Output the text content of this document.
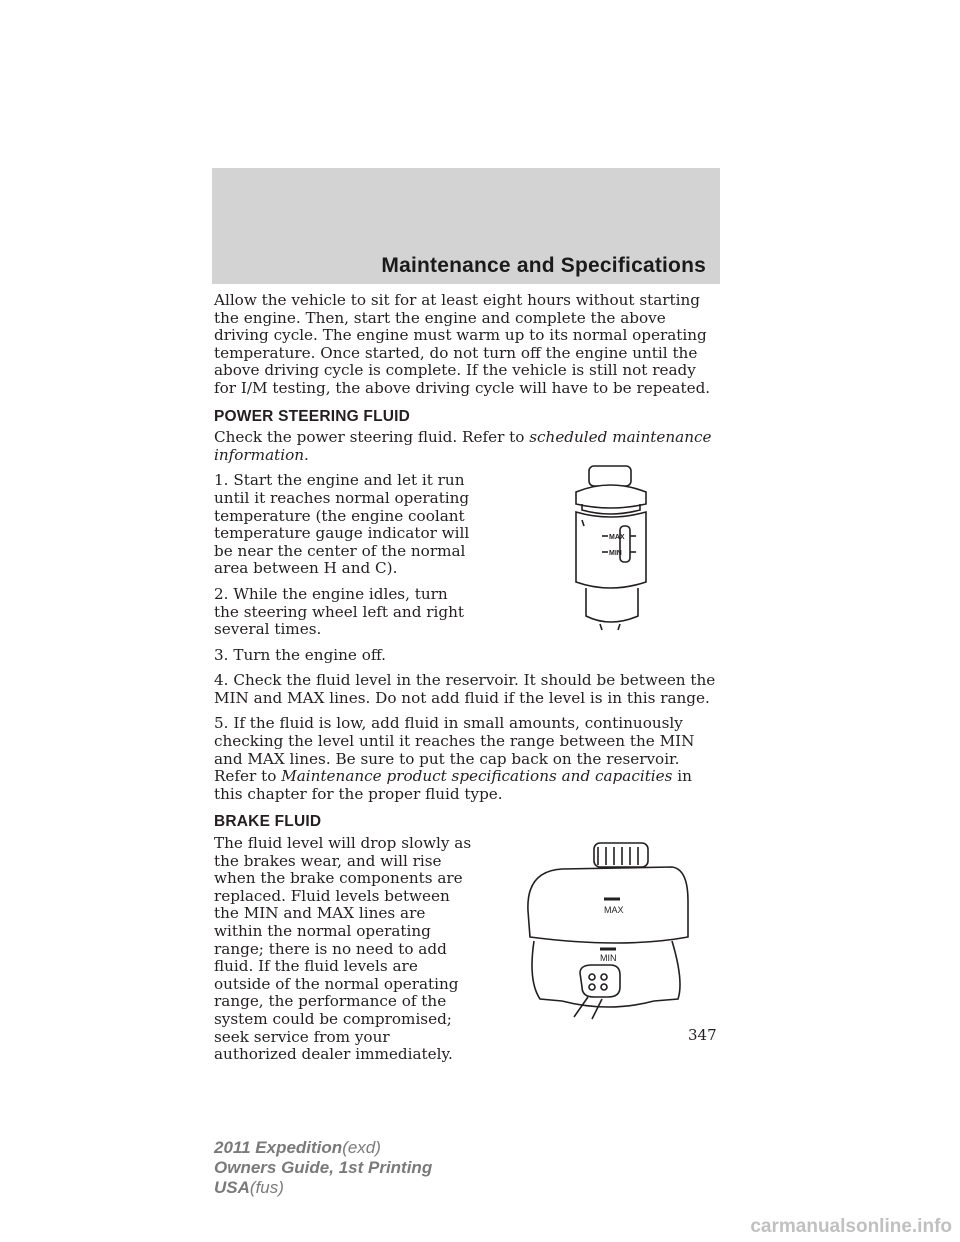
Maintenance and Specifications

Allow the vehicle to sit for at least eight hours without starting the engine. Then, start the engine and complete the above driving cycle. The engine must warm up to its normal operating temperature. Once started, do not turn off the engine until the above driving cycle is complete. If the vehicle is still not ready for I/M testing, the above driving cycle will have to be repeated.

POWER STEERING FLUID

Check the power steering fluid. Refer to scheduled maintenance information.

1. Start the engine and let it run until it reaches normal operating temperature (the engine coolant temperature gauge indicator will be near the center of the normal area between H and C).

2. While the engine idles, turn the steering wheel left and right several times.

3. Turn the engine off.

MAX
MIN

4. Check the fluid level in the reservoir. It should be between the MIN and MAX lines. Do not add fluid if the level is in this range.

5. If the fluid is low, add fluid in small amounts, continuously checking the level until it reaches the range between the MIN and MAX lines. Be sure to put the cap back on the reservoir. Refer to Maintenance product specifications and capacities in this chapter for the proper fluid type.

BRAKE FLUID

The fluid level will drop slowly as the brakes wear, and will rise when the brake components are replaced. Fluid levels between the MIN and MAX lines are within the normal operating range; there is no need to add fluid. If the fluid levels are outside of the normal operating range, the performance of the system could be compromised; seek service from your authorized dealer immediately.

MAX
MIN
347
2011 Expedition(exd)
Owners Guide, 1st Printing
USA(fus)
carmanualsonline.info
